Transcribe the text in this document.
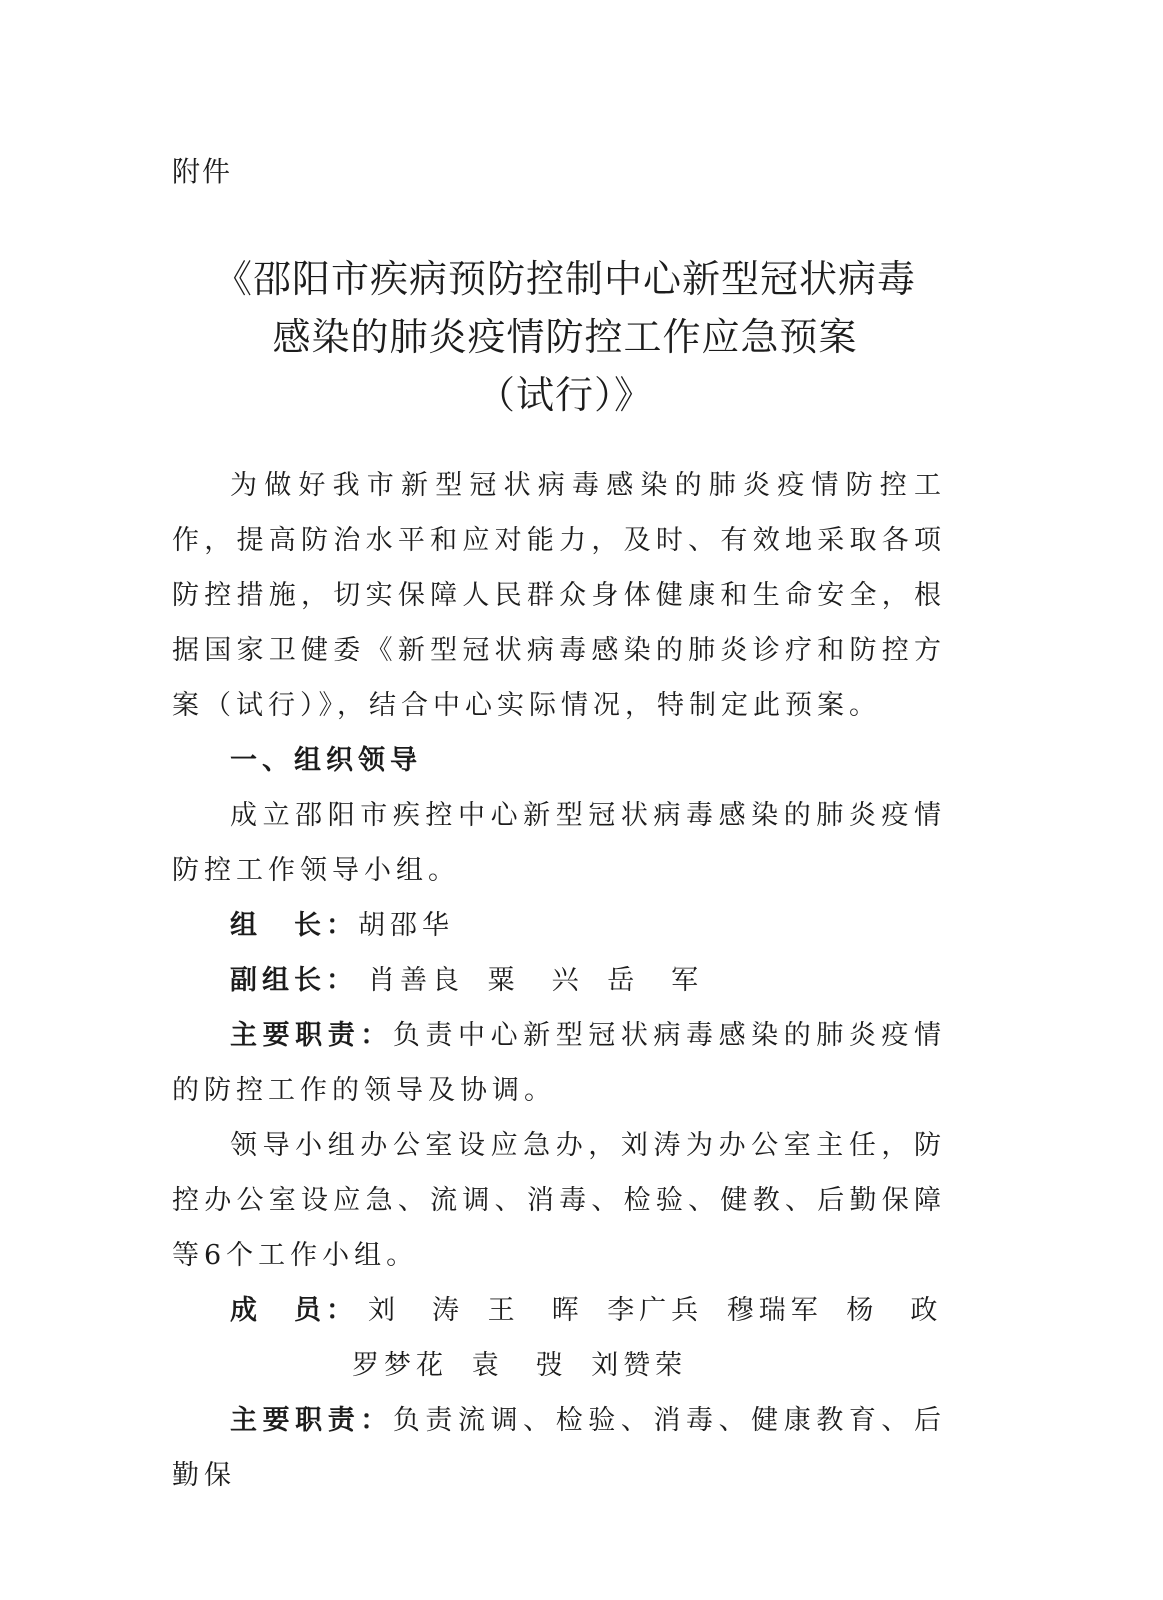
附件
《邵阳市疾病预防控制中心新型冠状病毒
感染的肺炎疫情防控工作应急预案
（试行）》

为做好我市新型冠状病毒感染的肺炎疫情防控工作，提高防治水平和应对能力，及时、有效地采取各项防控措施，切实保障人民群众身体健康和生命安全，根据国家卫健委《新型冠状病毒感染的肺炎诊疗和防控方案（试行）》，结合中心实际情况，特制定此预案。

一、组织领导

成立邵阳市疾控中心新型冠状病毒感染的肺炎疫情防控工作领导小组。

组　长：胡邵华

副组长： 肖善良 粟　兴 岳　军

主要职责：负责中心新型冠状病毒感染的肺炎疫情的防控工作的领导及协调。

领导小组办公室设应急办，刘涛为办公室主任，防控办公室设应急、流调、消毒、检验、健教、后勤保障等6个工作小组。

成　员： 刘　涛 王　晖 李广兵 穆瑞军 杨　政

罗梦花 袁　弢 刘赞荣

主要职责：负责流调、检验、消毒、健康教育、后勤保
